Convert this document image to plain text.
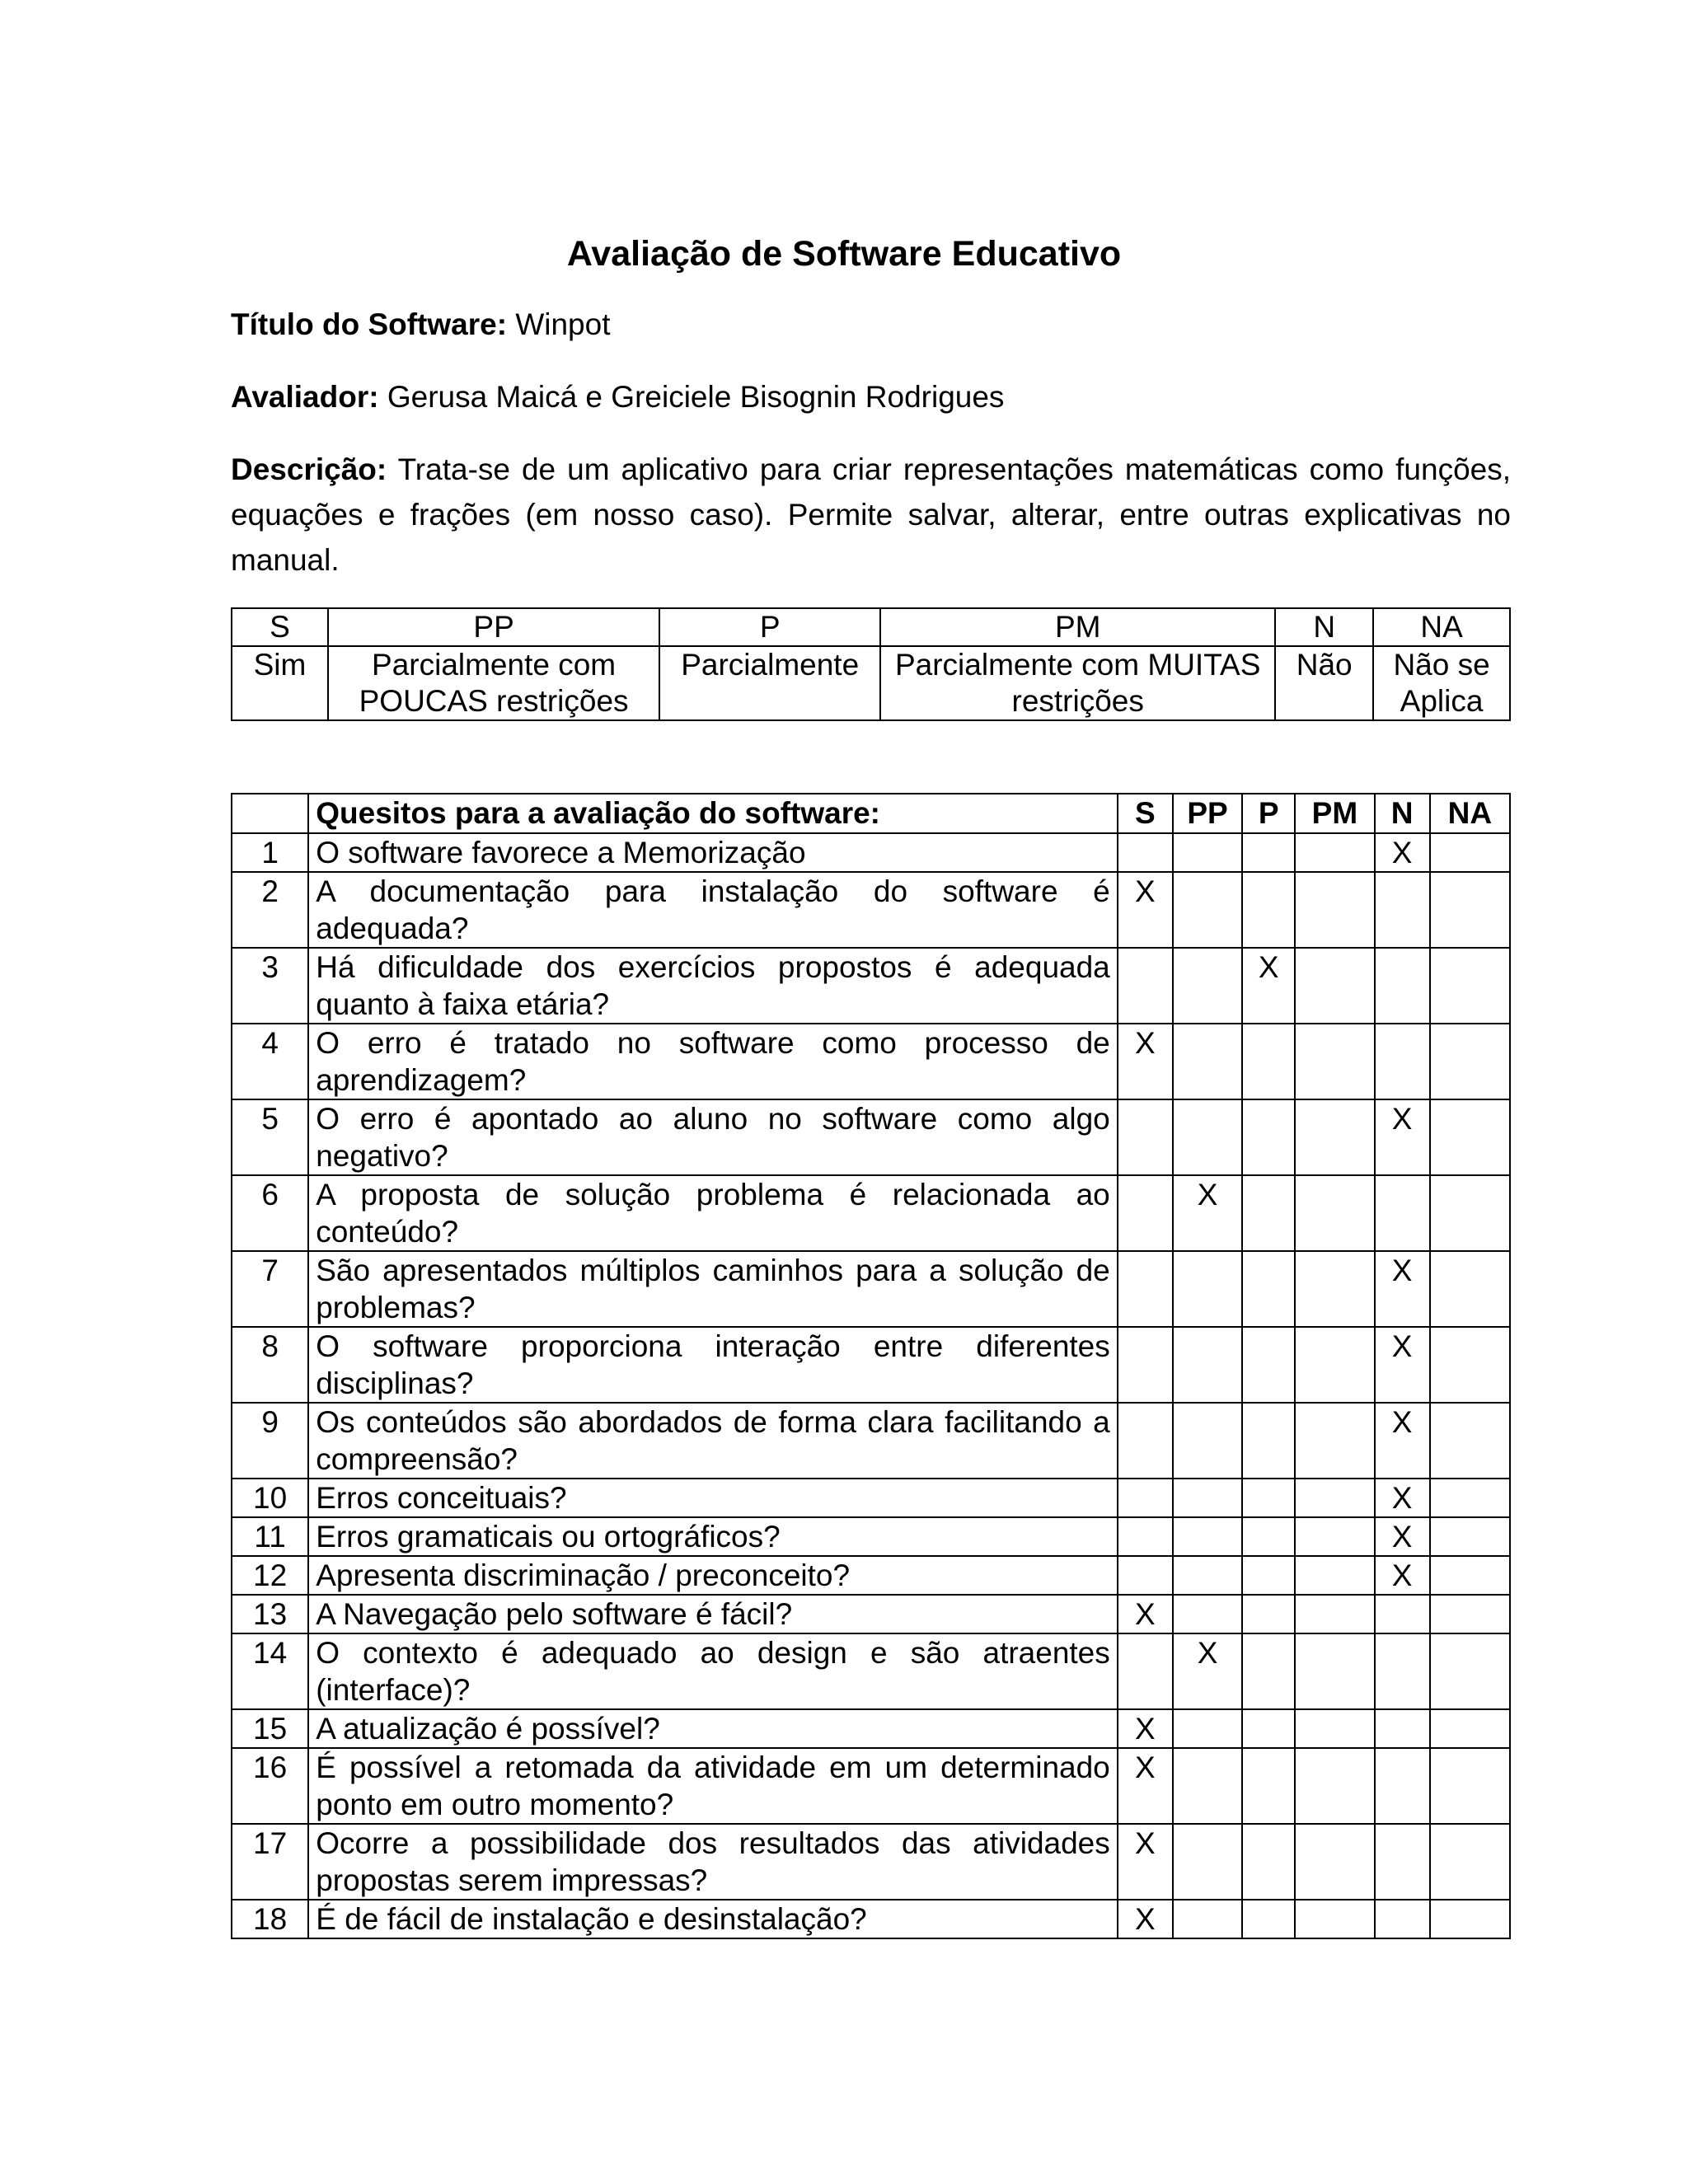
Avaliação de Software Educativo
Título do Software: Winpot
Avaliador: Gerusa Maicá e Greiciele Bisognin Rodrigues
Descrição: Trata-se de um aplicativo para criar representações matemáticas como funções, equações e frações (em nosso caso). Permite salvar, alterar, entre outras explicativas no manual.
S	PP	P	PM	N	NA
Sim	Parcialmente com POUCAS restrições	Parcialmente	Parcialmente com MUITAS restrições	Não	Não se Aplica
	Quesitos para a avaliação do software:	S	PP	P	PM	N	NA
1	O software favorece a Memorização					X	
2	A documentação para instalação do software é adequada?	X					
3	Há dificuldade dos exercícios propostos é adequada quanto à faixa etária?			X			
4	O erro é tratado no software como processo de aprendizagem?	X					
5	O erro é apontado ao aluno no software como algo negativo?					X	
6	A proposta de solução problema é relacionada ao conteúdo?		X				
7	São apresentados múltiplos caminhos para a solução de problemas?					X	
8	O software proporciona interação entre diferentes disciplinas?					X	
9	Os conteúdos são abordados de forma clara facilitando a compreensão?					X	
10	Erros conceituais?					X	
11	Erros gramaticais ou ortográficos?					X	
12	Apresenta discriminação / preconceito?					X	
13	A Navegação pelo software é fácil?	X					
14	O contexto é adequado ao design e são atraentes (interface)?		X				
15	A atualização é possível?	X					
16	É possível a retomada da atividade em um determinado ponto em outro momento?	X					
17	Ocorre a possibilidade dos resultados das atividades propostas serem impressas?	X					
18	É de fácil de instalação e desinstalação?	X					
